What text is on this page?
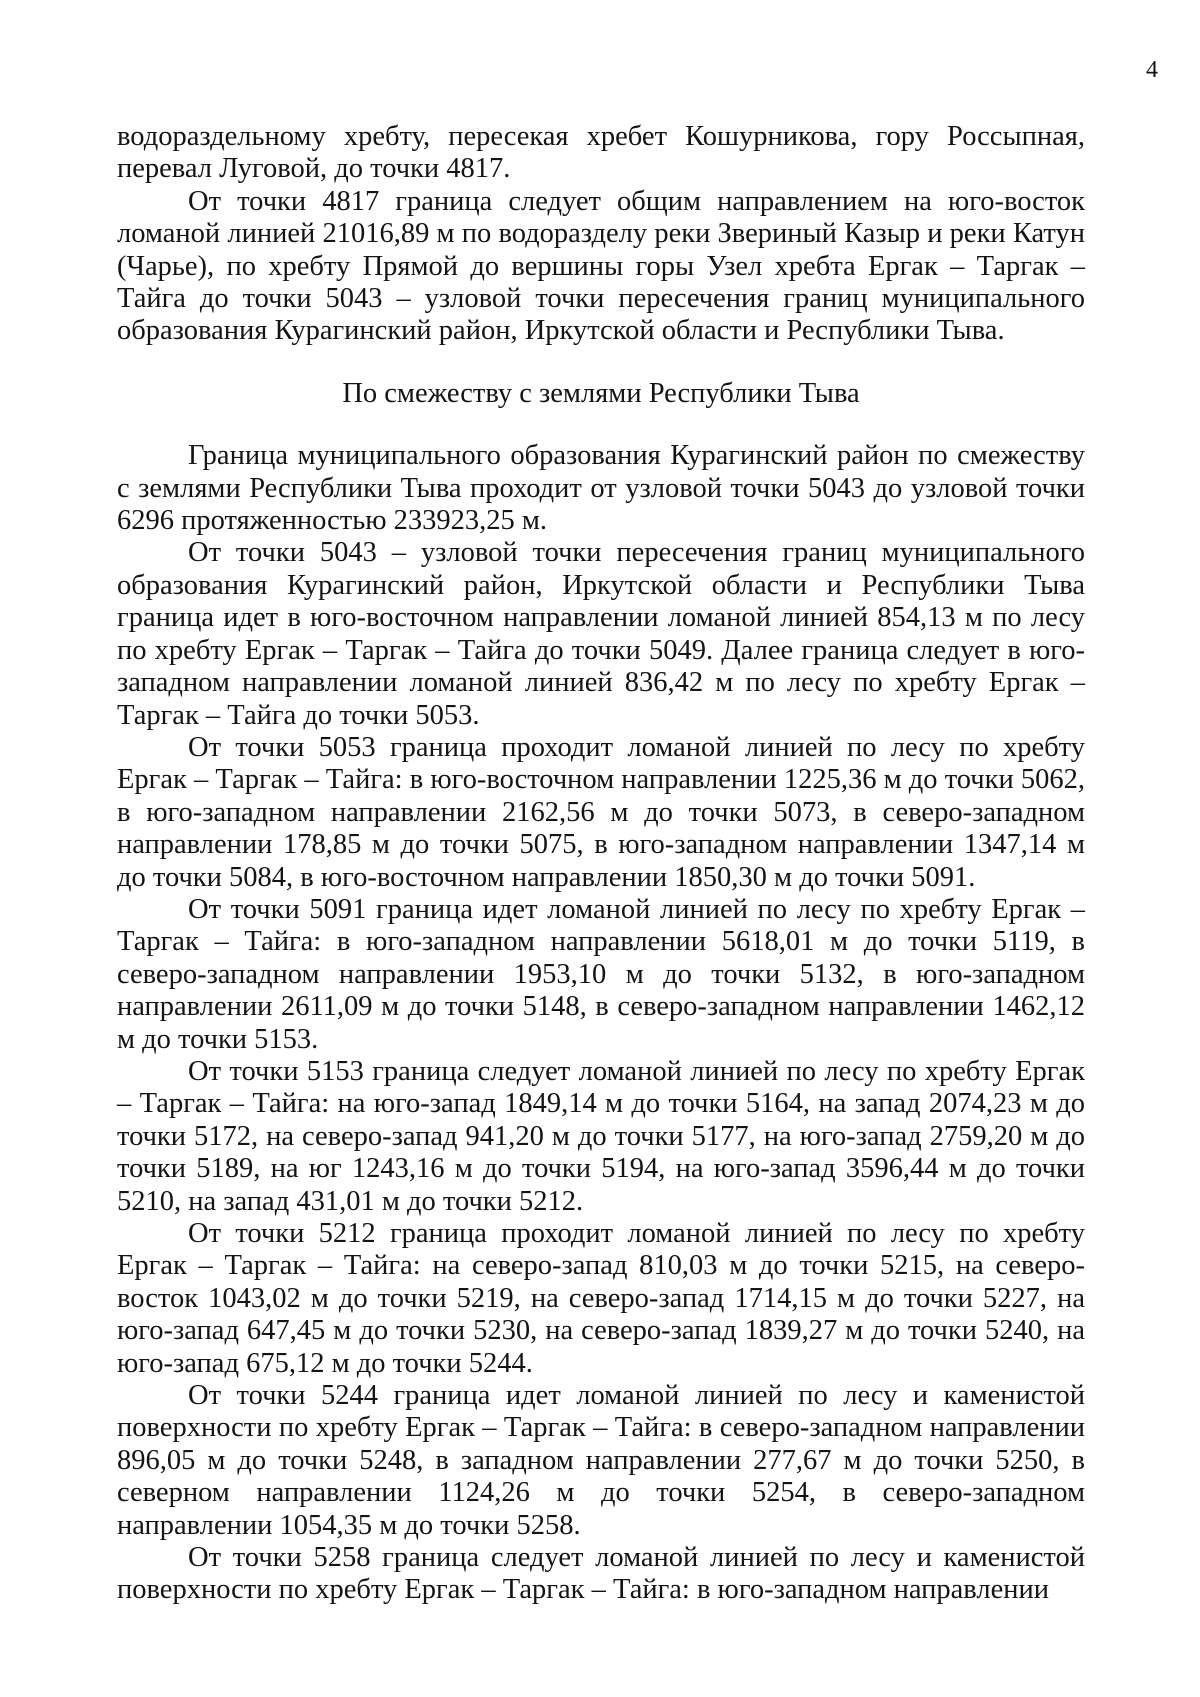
4

водораздельному хребту, пересекая хребет Кошурникова, гору Россыпная, перевал Луговой, до точки 4817.

От точки 4817 граница следует общим направлением на юго-восток ломаной линией 21016,89 м по водоразделу реки Звериный Казыр и реки Катун (Чарье), по хребту Прямой до вершины горы Узел хребта Ергак – Таргак – Тайга до точки 5043 – узловой точки пересечения границ муниципального образования Курагинский район, Иркутской области и Республики Тыва.

По смежеству с землями Республики Тыва

Граница муниципального образования Курагинский район по смежеству с землями Республики Тыва проходит от узловой точки 5043 до узловой точки 6296 протяженностью 233923,25 м.

От точки 5043 – узловой точки пересечения границ муниципального образования Курагинский район, Иркутской области и Республики Тыва граница идет в юго-восточном направлении ломаной линией 854,13 м по лесу по хребту Ергак – Таргак – Тайга до точки 5049. Далее граница следует в юго-западном направлении ломаной линией 836,42 м по лесу по хребту Ергак – Таргак – Тайга до точки 5053.

От точки 5053 граница проходит ломаной линией по лесу по хребту Ергак – Таргак – Тайга: в юго-восточном направлении 1225,36 м до точки 5062, в юго-западном направлении 2162,56 м до точки 5073, в северо-западном направлении 178,85 м до точки 5075, в юго-западном направлении 1347,14 м до точки 5084, в юго-восточном направлении 1850,30 м до точки 5091.

От точки 5091 граница идет ломаной линией по лесу по хребту Ергак – Таргак – Тайга: в юго-западном направлении 5618,01 м до точки 5119, в северо-западном направлении 1953,10 м до точки 5132, в юго-западном направлении 2611,09 м до точки 5148, в северо-западном направлении 1462,12 м до точки 5153.

От точки 5153 граница следует ломаной линией по лесу по хребту Ергак – Таргак – Тайга: на юго-запад 1849,14 м до точки 5164, на запад 2074,23 м до точки 5172, на северо-запад 941,20 м до точки 5177, на юго-запад 2759,20 м до точки 5189, на юг 1243,16 м до точки 5194, на юго-запад 3596,44 м до точки 5210, на запад 431,01 м до точки 5212.

От точки 5212 граница проходит ломаной линией по лесу по хребту Ергак – Таргак – Тайга: на северо-запад 810,03 м до точки 5215, на северо-восток 1043,02 м до точки 5219, на северо-запад 1714,15 м до точки 5227, на юго-запад 647,45 м до точки 5230, на северо-запад 1839,27 м до точки 5240, на юго-запад 675,12 м до точки 5244.

От точки 5244 граница идет ломаной линией по лесу и каменистой поверхности по хребту Ергак – Таргак – Тайга: в северо-западном направлении 896,05 м до точки 5248, в западном направлении 277,67 м до точки 5250, в северном направлении 1124,26 м до точки 5254, в северо-западном направлении 1054,35 м до точки 5258.

От точки 5258 граница следует ломаной линией по лесу и каменистой поверхности по хребту Ергак – Таргак – Тайга: в юго-западном направлении
